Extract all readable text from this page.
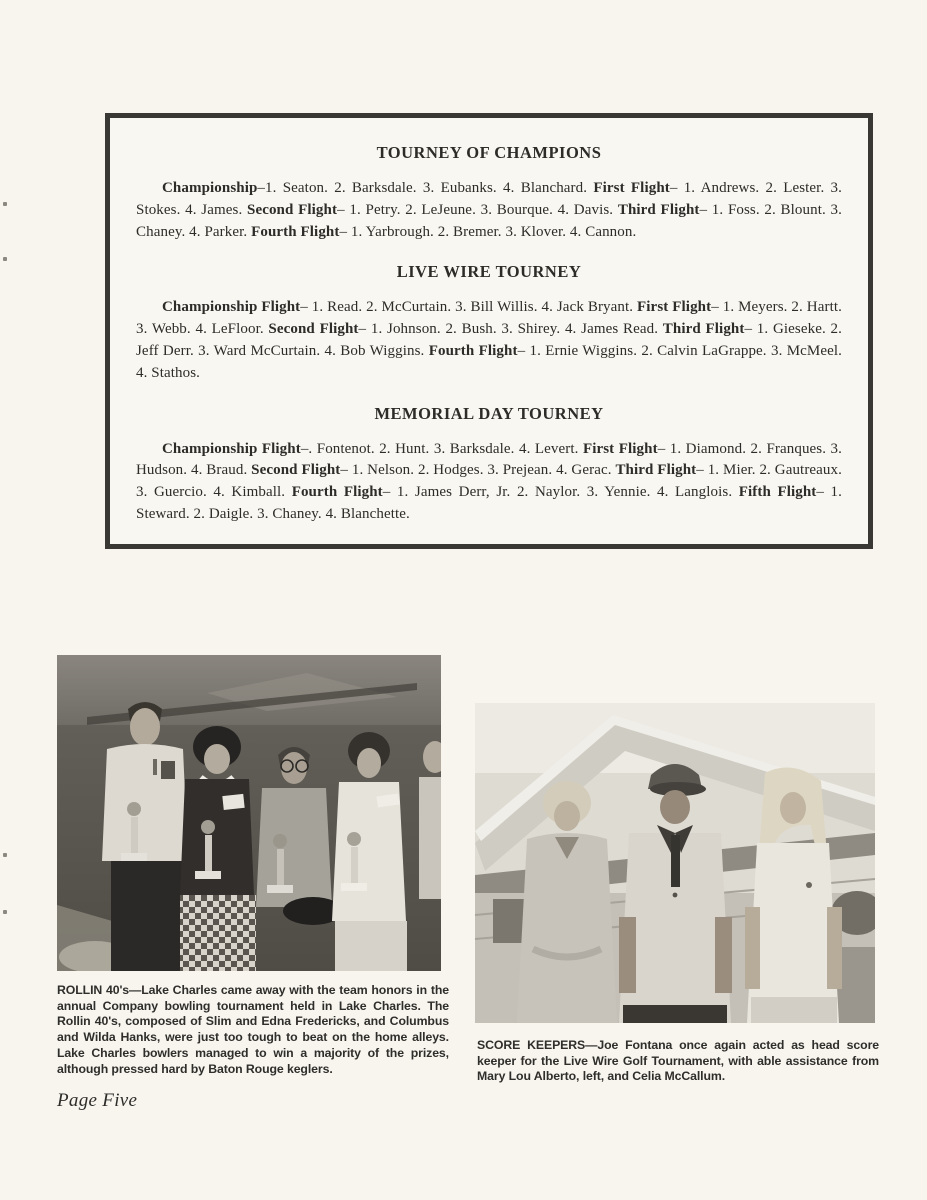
TOURNEY OF CHAMPIONS

Championship–1. Seaton. 2. Barksdale. 3. Eubanks. 4. Blanchard. First Flight– 1. Andrews. 2. Lester. 3. Stokes. 4. James. Second Flight– 1. Petry. 2. LeJeune. 3. Bourque. 4. Davis. Third Flight– 1. Foss. 2. Blount. 3. Chaney. 4. Parker. Fourth Flight– 1. Yarbrough. 2. Bremer. 3. Klover. 4. Cannon.

LIVE WIRE TOURNEY

Championship Flight– 1. Read. 2. McCurtain. 3. Bill Willis. 4. Jack Bryant. First Flight– 1. Meyers. 2. Hartt. 3. Webb. 4. LeFloor. Second Flight– 1. Johnson. 2. Bush. 3. Shirey. 4. James Read. Third Flight– 1. Gieseke. 2. Jeff Derr. 3. Ward McCurtain. 4. Bob Wiggins. Fourth Flight– 1. Ernie Wiggins. 2. Calvin LaGrappe. 3. McMeel. 4. Stathos.

MEMORIAL DAY TOURNEY

Championship Flight–. Fontenot. 2. Hunt. 3. Barksdale. 4. Levert. First Flight– 1. Diamond. 2. Franques. 3. Hudson. 4. Braud. Second Flight– 1. Nelson. 2. Hodges. 3. Prejean. 4. Gerac. Third Flight– 1. Mier. 2. Gautreaux. 3. Guercio. 4. Kimball. Fourth Flight– 1. James Derr, Jr. 2. Naylor. 3. Yennie. 4. Langlois. Fifth Flight– 1. Steward. 2. Daigle. 3. Chaney. 4. Blanchette.

ROLLIN 40's—Lake Charles came away with the team honors in the annual Company bowling tournament held in Lake Charles. The Rollin 40's, composed of Slim and Edna Fredericks, and Columbus and Wilda Hanks, were just too tough to beat on the home alleys. Lake Charles bowlers managed to win a majority of the prizes, although pressed hard by Baton Rouge keglers.

SCORE KEEPERS—Joe Fontana once again acted as head score keeper for the Live Wire Golf Tournament, with able assistance from Mary Lou Alberto, left, and Celia McCallum.

Page Five
